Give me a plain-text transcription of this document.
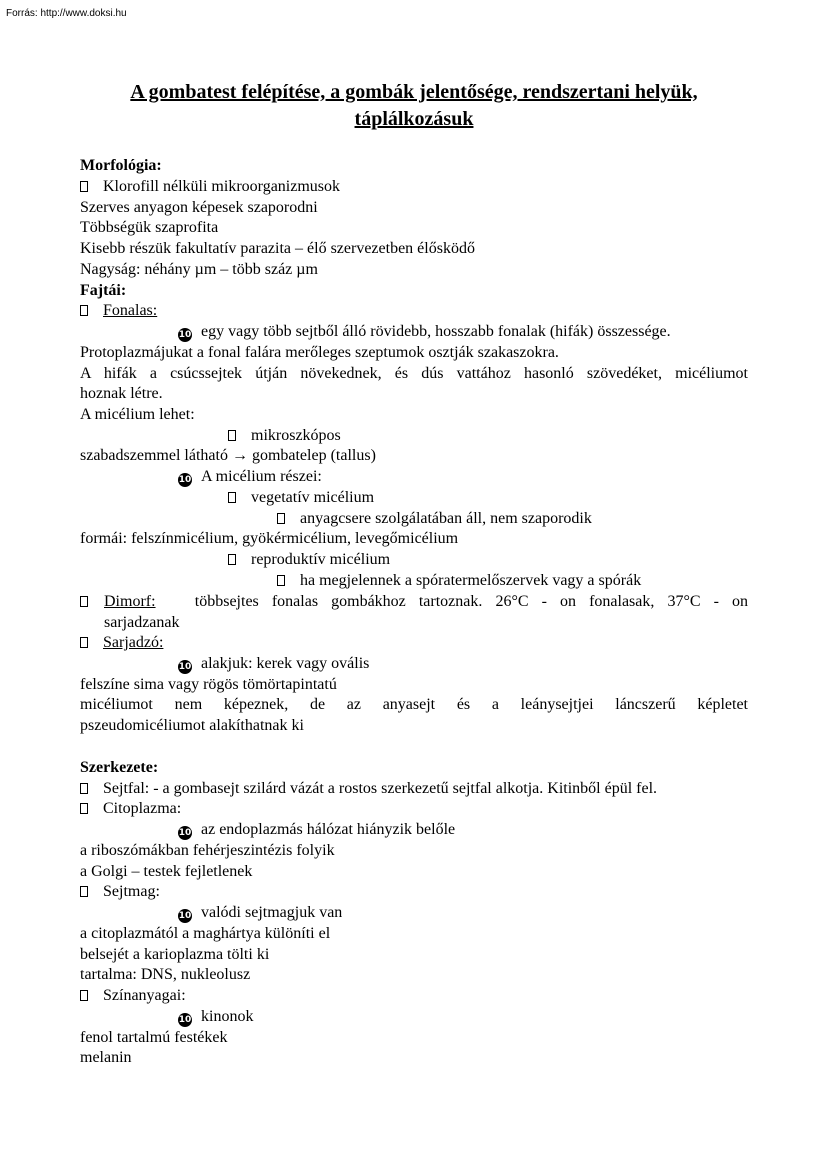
Forrás: http://www.doksi.hu
A gombatest felépítése, a gombák jelentősége, rendszertani helyük,
táplálkozásuk
Morfológia:
Klorofill nélküli mikroorganizmusok
Szerves anyagon képesek szaporodni
Többségük szaprofita
Kisebb részük fakultatív parazita – élő szervezetben élősködő
Nagyság: néhány µm – több száz µm
Fajtái:
Fonalas:
10 egy vagy több sejtből álló rövidebb, hosszabb fonalak (hifák) összessége.
Protoplazmájukat a fonal falára merőleges szeptumok osztják szakaszokra.
A hifák a csúcssejtek útján növekednek, és dús vattához hasonló szövedéket, micéliumot
hoznak létre.
A micélium lehet:
mikroszkópos
szabadszemmel látható → gombatelep (tallus)
10 A micélium részei:
vegetatív micélium
anyagcsere szolgálatában áll, nem szaporodik
formái: felszínmicélium, gyökérmicélium, levegőmicélium
reproduktív micélium
ha megjelennek a spóratermelőszervek vagy a spórák
Dimorf: többsejtes fonalas gombákhoz tartoznak. 26°C - on fonalasak, 37°C - on
sarjadzanak
Sarjadzó:
10 alakjuk: kerek vagy ovális
felszíne sima vagy rögös tömörtapintatú
micéliumot nem képeznek, de az anyasejt és a leánysejtjei láncszerű képletet
pszeudomicéliumot alakíthatnak ki
Szerkezete:
Sejtfal: - a gombasejt szilárd vázát a rostos szerkezetű sejtfal alkotja. Kitinből épül fel.
Citoplazma:
10 az endoplazmás hálózat hiányzik belőle
a riboszómákban fehérjeszintézis folyik
a Golgi – testek fejletlenek
Sejtmag:
10 valódi sejtmagjuk van
a citoplazmától a maghártya különíti el
belsejét a karioplazma tölti ki
tartalma: DNS, nukleolusz
Színanyagai:
10 kinonok
fenol tartalmú festékek
melanin
